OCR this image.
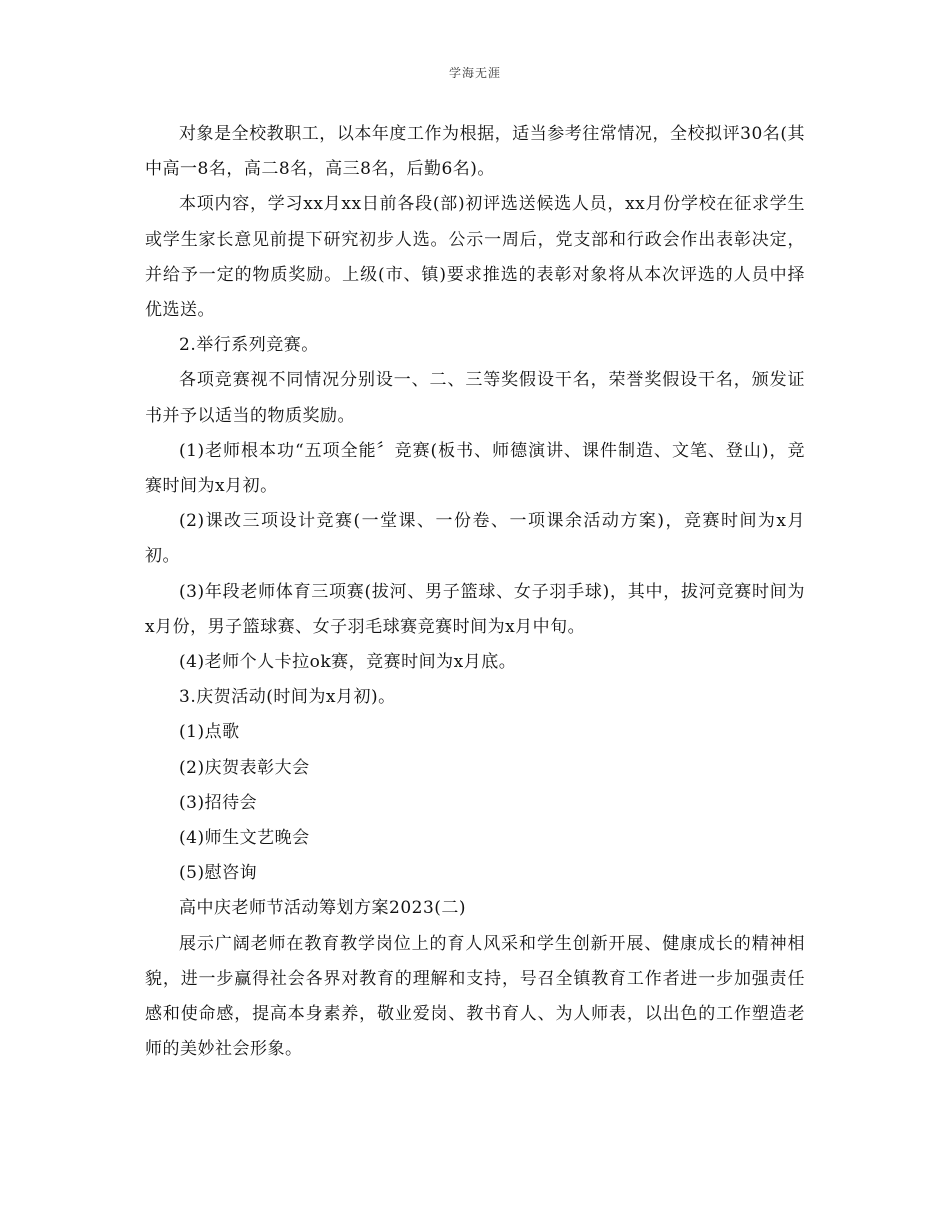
学海无涯

对象是全校教职工，以本年度工作为根据，适当参考往常情况，全校拟评30名(其中高一8名，高二8名，高三8名，后勤6名)。

本项内容，学习xx月xx日前各段(部)初评选送候选人员，xx月份学校在征求学生或学生家长意见前提下研究初步人选。公示一周后，党支部和行政会作出表彰决定，并给予一定的物质奖励。上级(市、镇)要求推选的表彰对象将从本次评选的人员中择优选送。

2.举行系列竞赛。

各项竞赛视不同情况分别设一、二、三等奖假设干名，荣誉奖假设干名，颁发证书并予以适当的物质奖励。

(1)老师根本功“五项全能〞竞赛(板书、师德演讲、课件制造、文笔、登山)，竞赛时间为x月初。

(2)课改三项设计竞赛(一堂课、一份卷、一项课余活动方案)，竞赛时间为x月初。

(3)年段老师体育三项赛(拔河、男子篮球、女子羽手球)，其中，拔河竞赛时间为x月份，男子篮球赛、女子羽毛球赛竞赛时间为x月中旬。

(4)老师个人卡拉ok赛，竞赛时间为x月底。

3.庆贺活动(时间为x月初)。

(1)点歌

(2)庆贺表彰大会

(3)招待会

(4)师生文艺晚会

(5)慰咨询

高中庆老师节活动筹划方案2023(二)

展示广阔老师在教育教学岗位上的育人风采和学生创新开展、健康成长的精神相貌，进一步赢得社会各界对教育的理解和支持，号召全镇教育工作者进一步加强责任感和使命感，提高本身素养，敬业爱岗、教书育人、为人师表，以出色的工作塑造老师的美妙社会形象。
